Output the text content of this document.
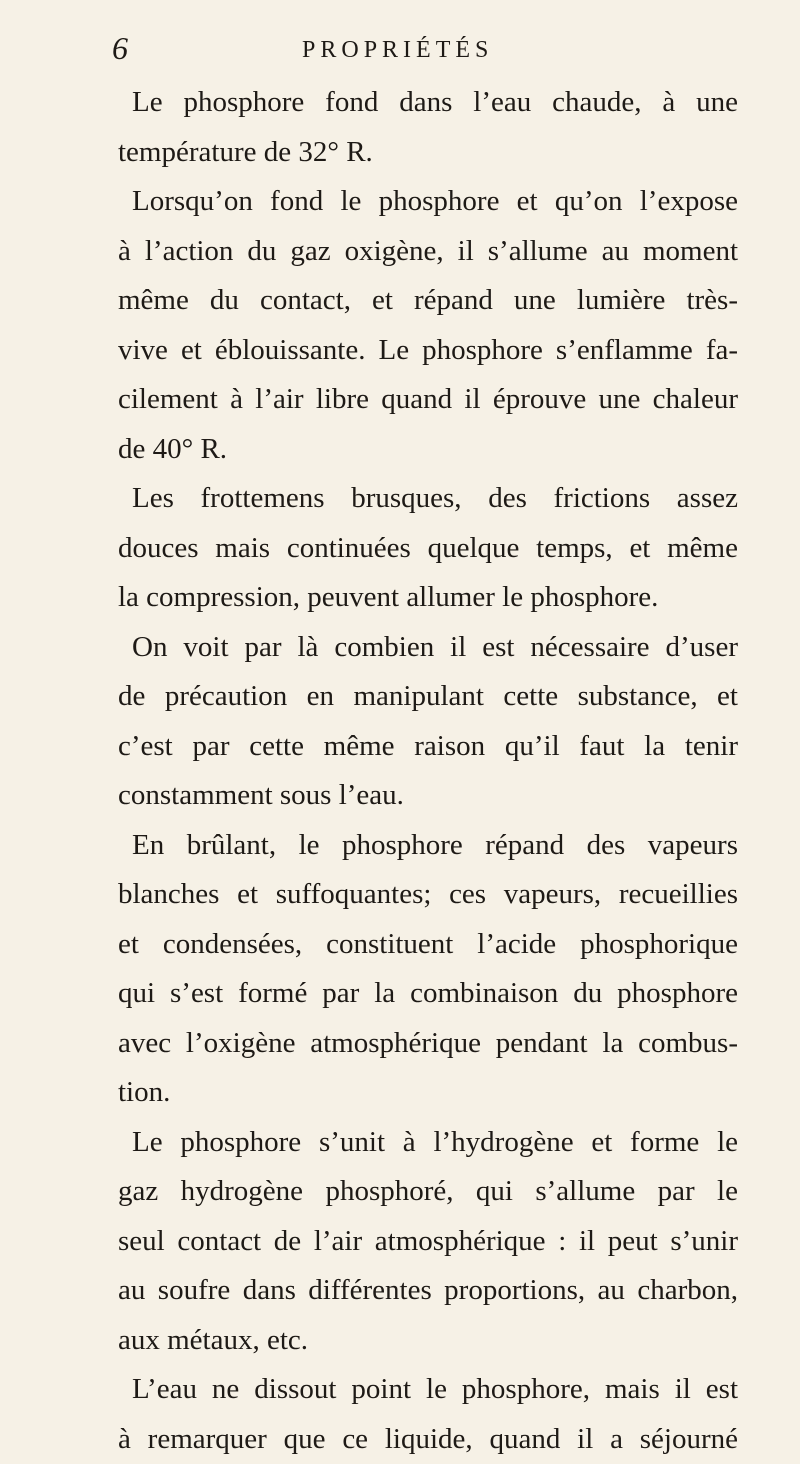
6	PROPRIÉTÉS
Le phosphore fond dans l’eau chaude, à une
température de 32° R.
Lorsqu’on fond le phosphore et qu’on l’expose
à l’action du gaz oxigène, il s’allume au moment
même du contact, et répand une lumière très-
vive et éblouissante. Le phosphore s’enflamme fa-
cilement à l’air libre quand il éprouve une chaleur
de 40° R.
Les frottemens brusques, des frictions assez
douces mais continuées quelque temps, et même
la compression, peuvent allumer le phosphore.
On voit par là combien il est nécessaire d’user
de précaution en manipulant cette substance, et
c’est par cette même raison qu’il faut la tenir
constamment sous l’eau.
En brûlant, le phosphore répand des vapeurs
blanches et suffoquantes; ces vapeurs, recueillies
et condensées, constituent l’acide phosphorique
qui s’est formé par la combinaison du phosphore
avec l’oxigène atmosphérique pendant la combus-
tion.
Le phosphore s’unit à l’hydrogène et forme le
gaz hydrogène phosphoré, qui s’allume par le
seul contact de l’air atmosphérique : il peut s’unir
au soufre dans différentes proportions, au charbon,
aux métaux, etc.
L’eau ne dissout point le phosphore, mais il est
à remarquer que ce liquide, quand il a séjourné
